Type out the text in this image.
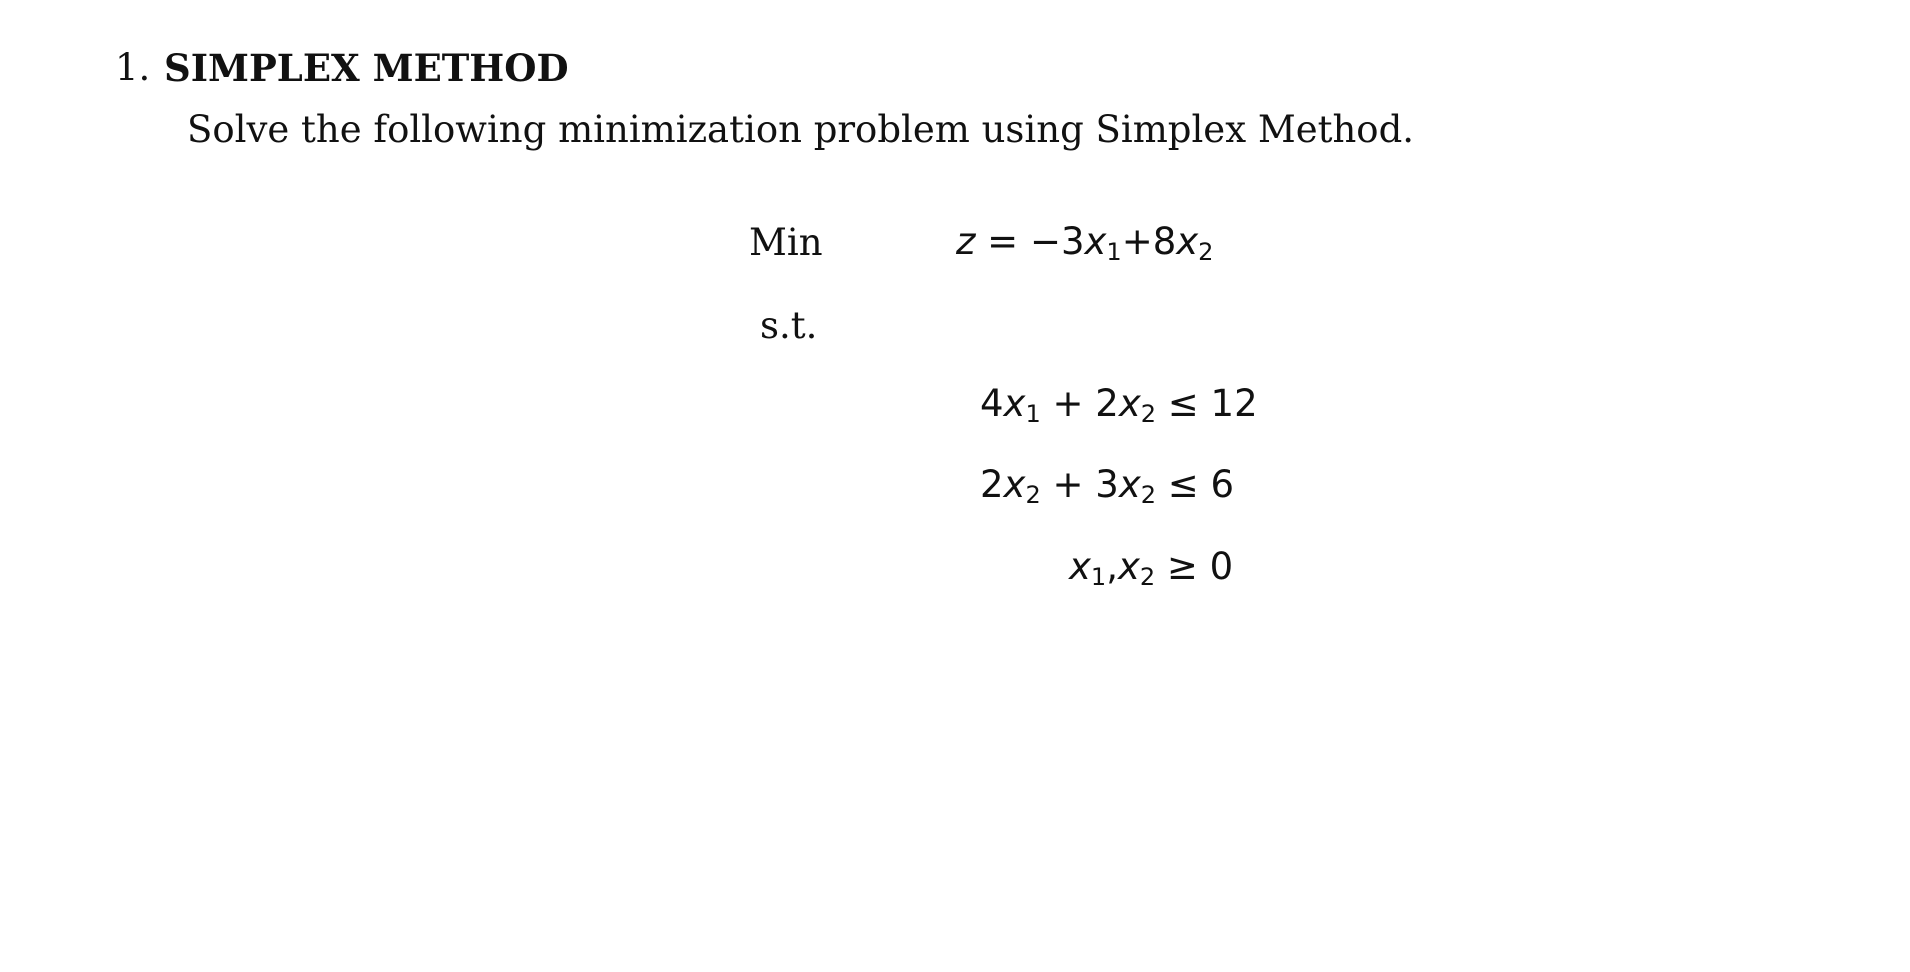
1. SIMPLEX METHOD
Solve the following minimization problem using Simplex Method.
Min	$z = -3x_1+8x_2$
s.t.
$4x_1 + 2x_2 \le 12$
$2x_2 + 3x_2 \le 6$
$x_1,x_2 \ge 0$
